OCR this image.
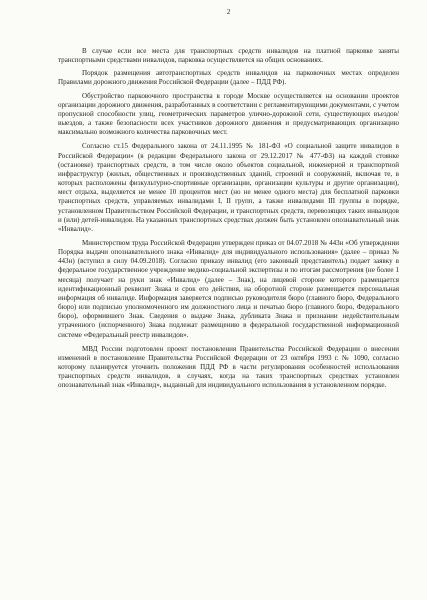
2

В случае если все места для транспортных средств инвалидов на платной парковке заняты транспортными средствами инвалидов, парковка осуществляется на общих основаниях.

Порядок размещения автотранспортных средств инвалидов на парковочных местах определен Правилами дорожного движения Российской Федерации (далее – ПДД РФ).

Обустройство парковочного пространства в городе Москве осуществляется на основании проектов организации дорожного движения, разработанных в соответствии с регламентирующими документами, с учетом пропускной способности улиц, геометрических параметров улично-дорожной сети, существующих въездов/выездов, а также безопасности всех участников дорожного движения и предусматривающих организацию максимально возможного количества парковочных мест.

Согласно ст.15 Федерального закона от 24.11.1995 № 181-ФЗ «О социальной защите инвалидов в Российской Федерации» (в редакции Федерального закона от 29.12.2017 № 477-ФЗ) на каждой стоянке (остановке) транспортных средств, в том числе около объектов социальной, инженерной и транспортной инфраструктур (жилых, общественных и производственных зданий, строений и сооружений, включая те, в которых расположены физкультурно-спортивные организации, организации культуры и другие организации), мест отдыха, выделяется не менее 10 процентов мест (но не менее одного места) для бесплатной парковки транспортных средств, управляемых инвалидами I, II групп, а также инвалидами III группы в порядке, установленном Правительством Российской Федерации, и транспортных средств, перевозящих таких инвалидов и (или) детей-инвалидов. На указанных транспортных средствах должен быть установлен опознавательный знак «Инвалид».

Министерством труда Российской Федерации утвержден приказ от 04.07.2018 № 443н «Об утверждении Порядка выдачи опознавательного знака «Инвалид» для индивидуального использования» (далее – приказ № 443н) (вступил в силу 04.09.2018). Согласно приказу инвалид (его законный представитель) подает заявку в федеральное государственное учреждение медико-социальной экспертизы и по итогам рассмотрения (не более 1 месяца) получает на руки знак «Инвалид» (далее – Знак), на лицевой стороне которого размещается идентификационный реквизит Знака и срок его действия, на оборотной стороне размещается персональная информация об инвалиде. Информация заверяется подписью руководителя бюро (главного бюро, Федерального бюро) или подписью уполномоченного им должностного лица и печатью бюро (главного бюро, Федерального бюро), оформившего Знак. Сведения о выдаче Знака, дубликата Знака и признании недействительным утраченного (испорченного) Знака подлежат размещению в федеральной государственной информационной системе «Федеральный реестр инвалидов».

МВД России подготовлен проект постановления Правительства Российской Федерации о внесении изменений в постановление Правительства Российской Федерации от 23 октября 1993 г. № 1090, согласно которому планируется уточнить положения ПДД РФ в части регулирования особенностей использования транспортных средств инвалидов, в случаях, когда на таких транспортных средствах установлен опознавательный знак «Инвалид», выданный для индивидуального использования в установленном порядке.
